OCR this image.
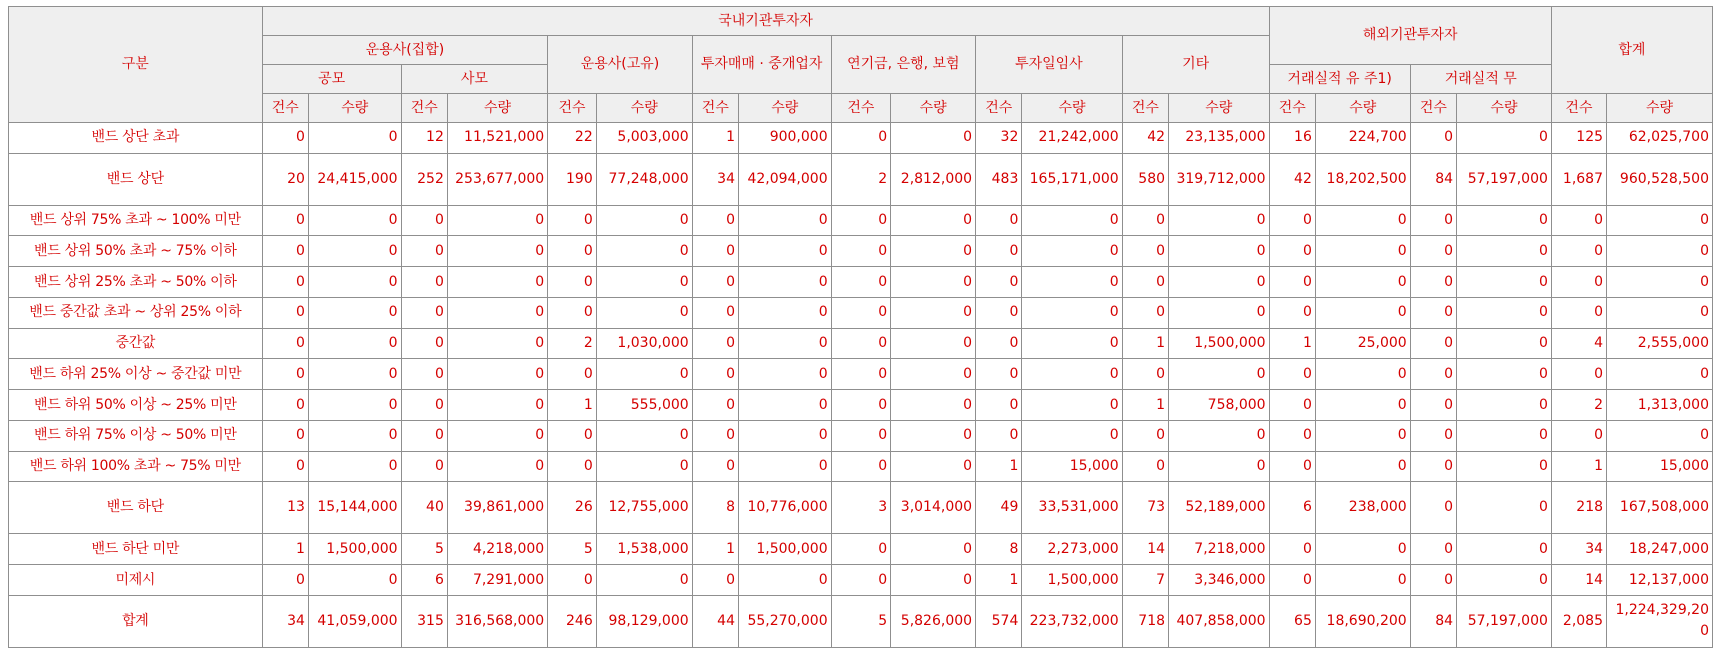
구분	국내기관투자자														해외기관투자자				합계	
	운용사(집합)				운용사(고유)		투자매매 · 중개업자		연기금, 은행, 보험		투자일임사		기타							
	공모		사모												거래실적 유 주1)		거래실적 무			
	건수	수량	건수	수량	건수	수량	건수	수량	건수	수량	건수	수량	건수	수량	건수	수량	건수	수량	건수	수량
밴드 상단 초과	0	0	12	11,521,000	22	5,003,000	1	900,000	0	0	32	21,242,000	42	23,135,000	16	224,700	0	0	125	62,025,700
밴드 상단	20	24,415,000	252	253,677,000	190	77,248,000	34	42,094,000	2	2,812,000	483	165,171,000	580	319,712,000	42	18,202,500	84	57,197,000	1,687	960,528,500
밴드 상위 75% 초과 ~ 100% 미만	0	0	0	0	0	0	0	0	0	0	0	0	0	0	0	0	0	0	0	0
밴드 상위 50% 초과 ~ 75% 이하	0	0	0	0	0	0	0	0	0	0	0	0	0	0	0	0	0	0	0	0
밴드 상위 25% 초과 ~ 50% 이하	0	0	0	0	0	0	0	0	0	0	0	0	0	0	0	0	0	0	0	0
밴드 중간값 초과 ~ 상위 25% 이하	0	0	0	0	0	0	0	0	0	0	0	0	0	0	0	0	0	0	0	0
중간값	0	0	0	0	2	1,030,000	0	0	0	0	0	0	1	1,500,000	1	25,000	0	0	4	2,555,000
밴드 하위 25% 이상 ~ 중간값 미만	0	0	0	0	0	0	0	0	0	0	0	0	0	0	0	0	0	0	0	0
밴드 하위 50% 이상 ~ 25% 미만	0	0	0	0	1	555,000	0	0	0	0	0	0	1	758,000	0	0	0	0	2	1,313,000
밴드 하위 75% 이상 ~ 50% 미만	0	0	0	0	0	0	0	0	0	0	0	0	0	0	0	0	0	0	0	0
밴드 하위 100% 초과 ~ 75% 미만	0	0	0	0	0	0	0	0	0	0	1	15,000	0	0	0	0	0	0	1	15,000
밴드 하단	13	15,144,000	40	39,861,000	26	12,755,000	8	10,776,000	3	3,014,000	49	33,531,000	73	52,189,000	6	238,000	0	0	218	167,508,000
밴드 하단 미만	1	1,500,000	5	4,218,000	5	1,538,000	1	1,500,000	0	0	8	2,273,000	14	7,218,000	0	0	0	0	34	18,247,000
미제시	0	0	6	7,291,000	0	0	0	0	0	0	1	1,500,000	7	3,346,000	0	0	0	0	14	12,137,000
합계	34	41,059,000	315	316,568,000	246	98,129,000	44	55,270,000	5	5,826,000	574	223,732,000	718	407,858,000	65	18,690,200	84	57,197,000	2,085	1,224,329,200
